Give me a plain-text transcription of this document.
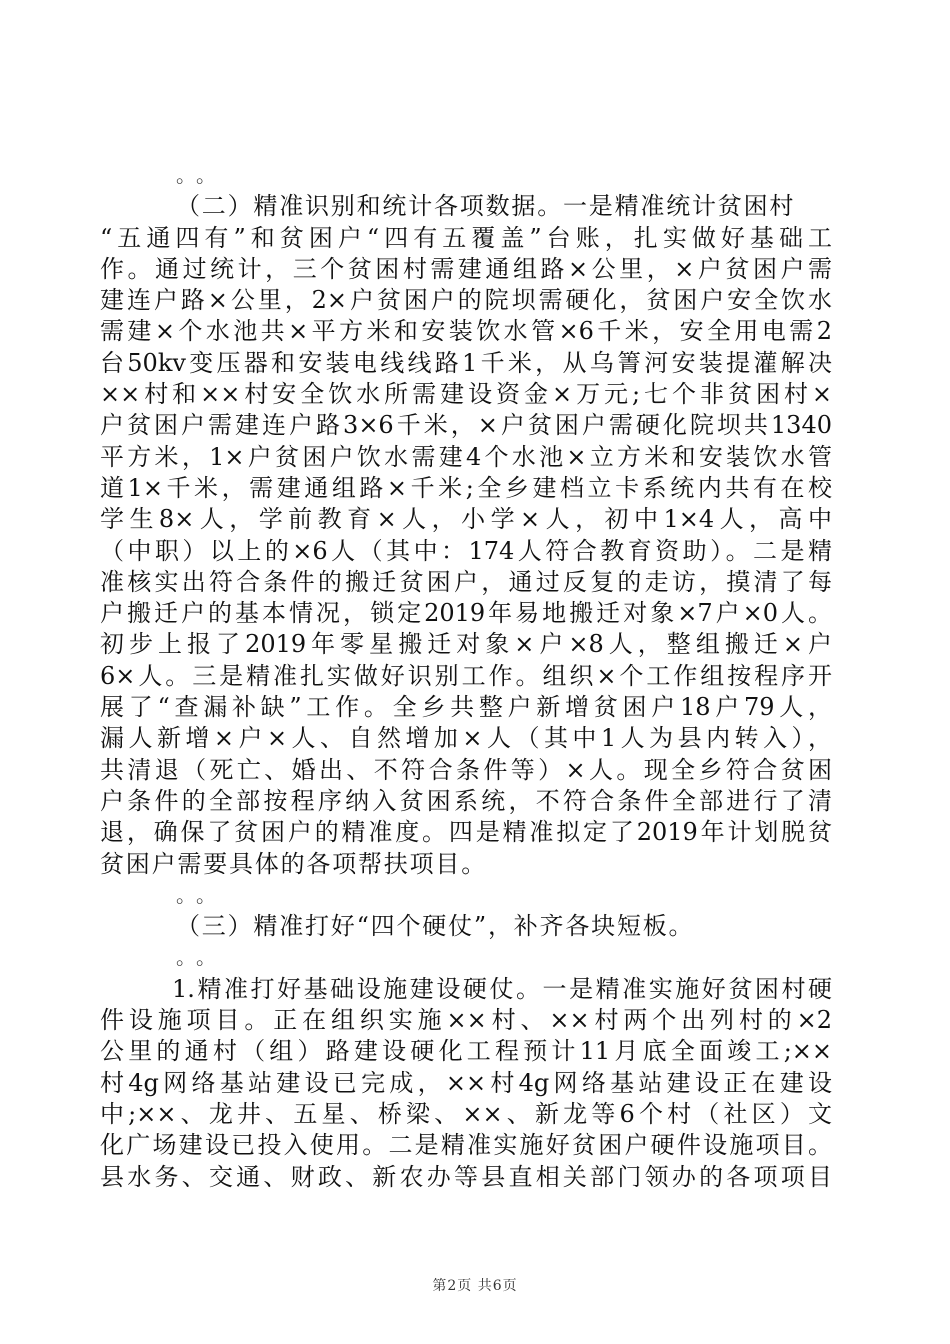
。。
（二）精准识别和统计各项数据。一是精准统计贫困村
“五通四有”和贫困户“四有五覆盖”台账，扎实做好基础工
作。通过统计，三个贫困村需建通组路×公里，×户贫困户需
建连户路×公里，2×户贫困户的院坝需硬化，贫困户安全饮水
需建×个水池共×平方米和安装饮水管×6千米，安全用电需2
台50kv变压器和安装电线线路1千米，从乌箐河安装提灌解决
××村和××村安全饮水所需建设资金×万元;七个非贫困村×
户贫困户需建连户路3×6千米，×户贫困户需硬化院坝共1340
平方米，1×户贫困户饮水需建4个水池×立方米和安装饮水管
道1×千米，需建通组路×千米;全乡建档立卡系统内共有在校
学生8×人，学前教育×人，小学×人，初中1×4人，高中
（中职）以上的×6人（其中：174人符合教育资助）。二是精
准核实出符合条件的搬迁贫困户，通过反复的走访，摸清了每
户搬迁户的基本情况，锁定2019年易地搬迁对象×7户×0人。
初步上报了2019年零星搬迁对象×户×8人，整组搬迁×户
6×人。三是精准扎实做好识别工作。组织×个工作组按程序开
展了“查漏补缺”工作。全乡共整户新增贫困户18户79人，
漏人新增×户×人、自然增加×人（其中1人为县内转入），
共清退（死亡、婚出、不符合条件等）×人。现全乡符合贫困
户条件的全部按程序纳入贫困系统，不符合条件全部进行了清
退，确保了贫困户的精准度。四是精准拟定了2019年计划脱贫
贫困户需要具体的各项帮扶项目。
。。
（三）精准打好“四个硬仗”，补齐各块短板。
。。
1.精准打好基础设施建设硬仗。一是精准实施好贫困村硬
件设施项目。正在组织实施××村、××村两个出列村的×2
公里的通村（组）路建设硬化工程预计11月底全面竣工;××
村4g网络基站建设已完成，××村4g网络基站建设正在建设
中;××、龙井、五星、桥梁、××、新龙等6个村（社区）文
化广场建设已投入使用。二是精准实施好贫困户硬件设施项目。
县水务、交通、财政、新农办等县直相关部门领办的各项项目
第2页 共6页
